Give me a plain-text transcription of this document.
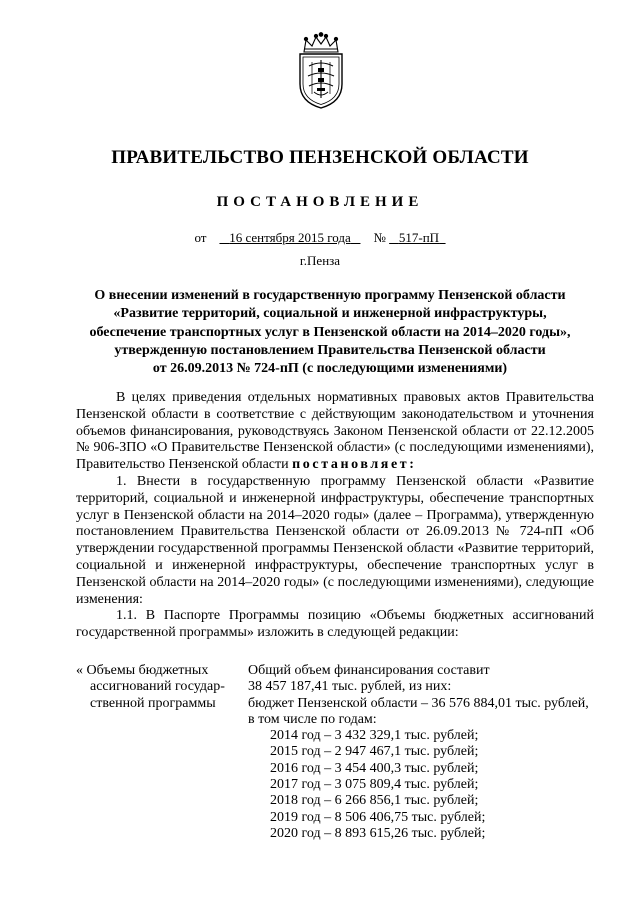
ПРАВИТЕЛЬСТВО ПЕНЗЕНСКОЙ ОБЛАСТИ
ПОСТАНОВЛЕНИЕ
от 16 сентября 2015 года № 517-пП
г.Пенза
О внесении изменений в государственную программу Пензенской области
«Развитие территорий, социальной и инженерной инфраструктуры,
обеспечение транспортных услуг в Пензенской области на 2014–2020 годы»,
утвержденную постановлением Правительства Пензенской области
от 26.09.2013 № 724-пП (с последующими изменениями)

В целях приведения отдельных нормативных правовых актов Правительства Пензенской области в соответствие с действующим законодательством и уточнения объемов финансирования, руководствуясь Законом Пензенской области от 22.12.2005 № 906-ЗПО «О Правительстве Пензенской области» (с последующими изменениями), Правительство Пензенской области постановляет:

1. Внести в государственную программу Пензенской области «Развитие территорий, социальной и инженерной инфраструктуры, обеспечение транспортных услуг в Пензенской области на 2014–2020 годы» (далее – Программа), утвержденную постановлением Правительства Пензенской области от 26.09.2013 № 724-пП «Об утверждении государственной программы Пензенской области «Развитие территорий, социальной и инженерной инфраструктуры, обеспечение транспортных услуг в Пензенской области на 2014–2020 годы» (с последующими изменениями), следующие изменения:

1.1. В Паспорте Программы позицию «Объемы бюджетных ассигнований государственной программы» изложить в следующей редакции:

« Объемы бюджетных
ассигнований государ-
ственной программы
Общий объем финансирования составит
38 457 187,41 тыс. рублей, из них:
бюджет Пензенской области – 36 576 884,01 тыс. рублей,
в том числе по годам:
2014 год – 3 432 329,1 тыс. рублей;
2015 год – 2 947 467,1 тыс. рублей;
2016 год – 3 454 400,3 тыс. рублей;
2017 год – 3 075 809,4 тыс. рублей;
2018 год – 6 266 856,1 тыс. рублей;
2019 год – 8 506 406,75 тыс. рублей;
2020 год – 8 893 615,26 тыс. рублей;
